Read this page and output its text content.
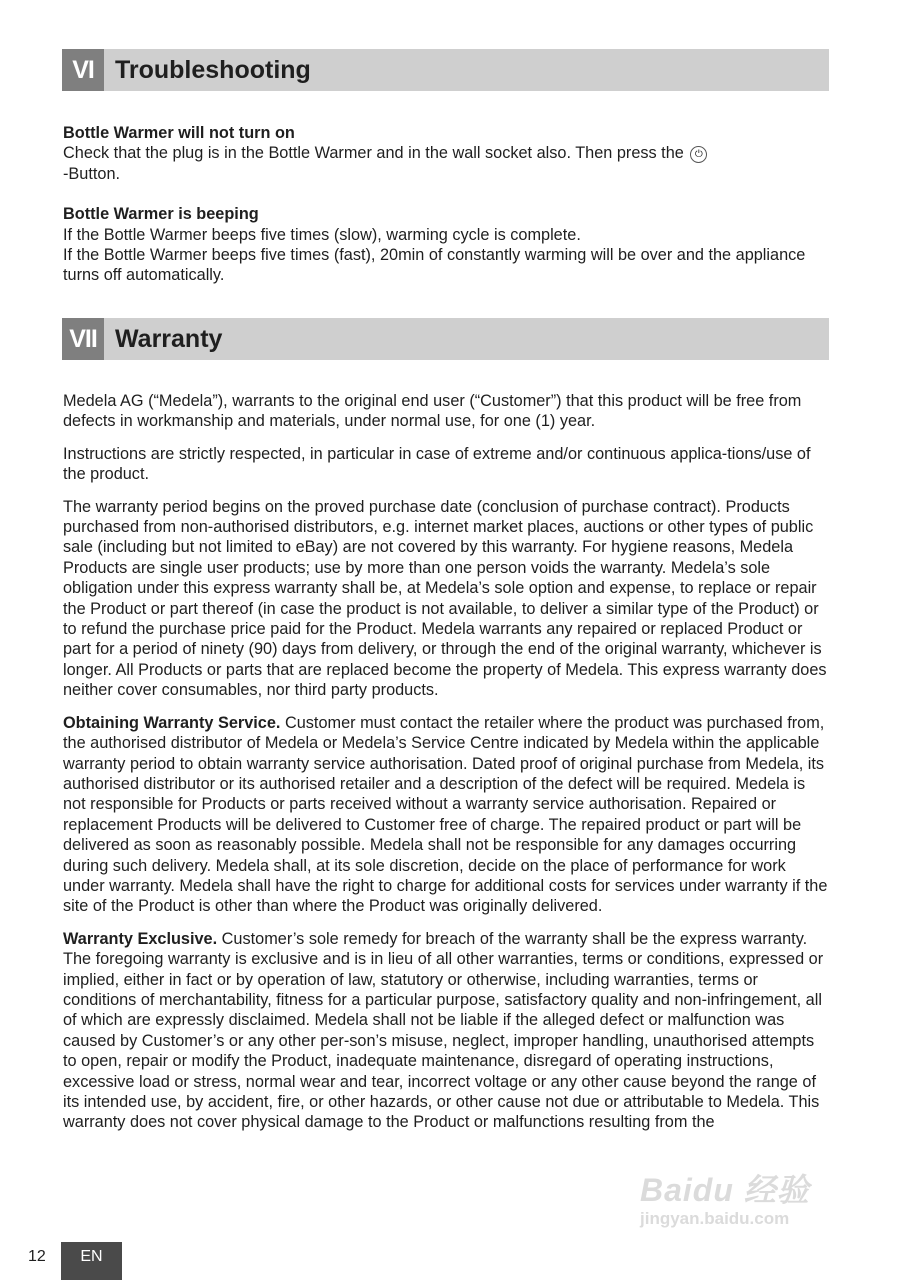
VI Troubleshooting

Bottle Warmer will not turn on
Check that the plug is in the Bottle Warmer and in the wall socket also. Then press the ⏻
-Button.

Bottle Warmer is beeping
If the Bottle Warmer beeps five times (slow), warming cycle is complete.
If the Bottle Warmer beeps five times (fast), 20min of constantly warming will be over and the appliance turns off automatically.

VII Warranty

Medela AG (“Medela”), warrants to the original end user (“Customer”) that this product will be free from defects in workmanship and materials, under normal use, for one (1) year.

Instructions are strictly respected, in particular in case of extreme and/or continuous applica-tions/use of the product.

The warranty period begins on the proved purchase date (conclusion of purchase contract). Products purchased from non-authorised distributors, e.g. internet market places, auctions or other types of public sale (including but not limited to eBay) are not covered by this warranty. For hygiene reasons, Medela Products are single user products; use by more than one person voids the warranty. Medela’s sole obligation under this express warranty shall be, at Medela’s sole option and expense, to replace or repair the Product or part thereof (in case the product is not available, to deliver a similar type of the Product) or to refund the purchase price paid for the Product. Medela warrants any repaired or replaced Product or part for a period of ninety (90) days from delivery, or through the end of the original warranty, whichever is longer. All Products or parts that are replaced become the property of Medela. This express warranty does neither cover consumables, nor third party products.

Obtaining Warranty Service. Customer must contact the retailer where the product was purchased from, the authorised distributor of Medela or Medela’s Service Centre indicated by Medela within the applicable warranty period to obtain warranty service authorisation. Dated proof of original purchase from Medela, its authorised distributor or its authorised retailer and a description of the defect will be required. Medela is not responsible for Products or parts received without a warranty service authorisation. Repaired or replacement Products will be delivered to Customer free of charge. The repaired product or part will be delivered as soon as reasonably possible. Medela shall not be responsible for any damages occurring during such delivery. Medela shall, at its sole discretion, decide on the place of performance for work under warranty. Medela shall have the right to charge for additional costs for services under warranty if the site of the Product is other than where the Product was originally delivered.

Warranty Exclusive. Customer’s sole remedy for breach of the warranty shall be the express warranty. The foregoing warranty is exclusive and is in lieu of all other warranties, terms or conditions, expressed or implied, either in fact or by operation of law, statutory or otherwise, including warranties, terms or conditions of merchantability, fitness for a particular purpose, satisfactory quality and non-infringement, all of which are expressly disclaimed. Medela shall not be liable if the alleged defect or malfunction was caused by Customer’s or any other per-son’s misuse, neglect, improper handling, unauthorised attempts to open, repair or modify the Product, inadequate maintenance, disregard of operating instructions, excessive load or stress, normal wear and tear, incorrect voltage or any other cause beyond the range of its intended use, by accident, fire, or other hazards, or other cause not due or attributable to Medela. This warranty does not cover physical damage to the Product or malfunctions resulting from the

Baidu 经验
jingyan.baidu.com
12	EN
